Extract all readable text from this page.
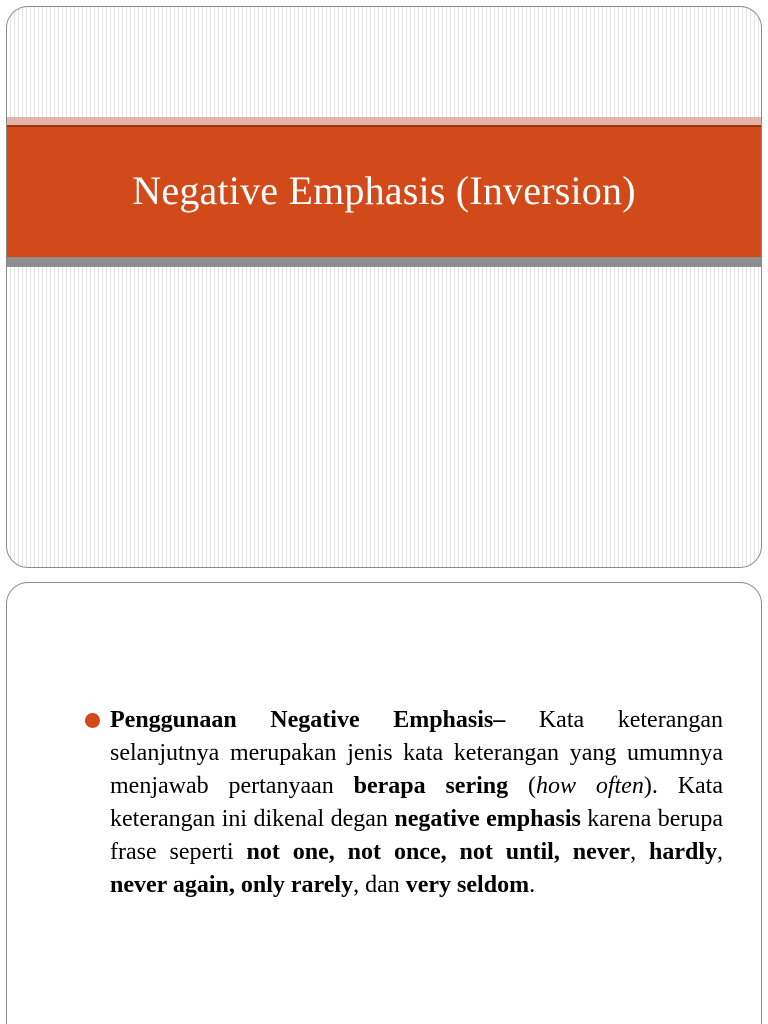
Negative Emphasis (Inversion)
Penggunaan Negative Emphasis– Kata keterangan selanjutnya merupakan jenis kata keterangan yang umumnya menjawab pertanyaan berapa sering (how often). Kata keterangan ini dikenal degan negative emphasis karena berupa frase seperti not one, not once, not until, never, hardly, never again, only rarely, dan very seldom.
